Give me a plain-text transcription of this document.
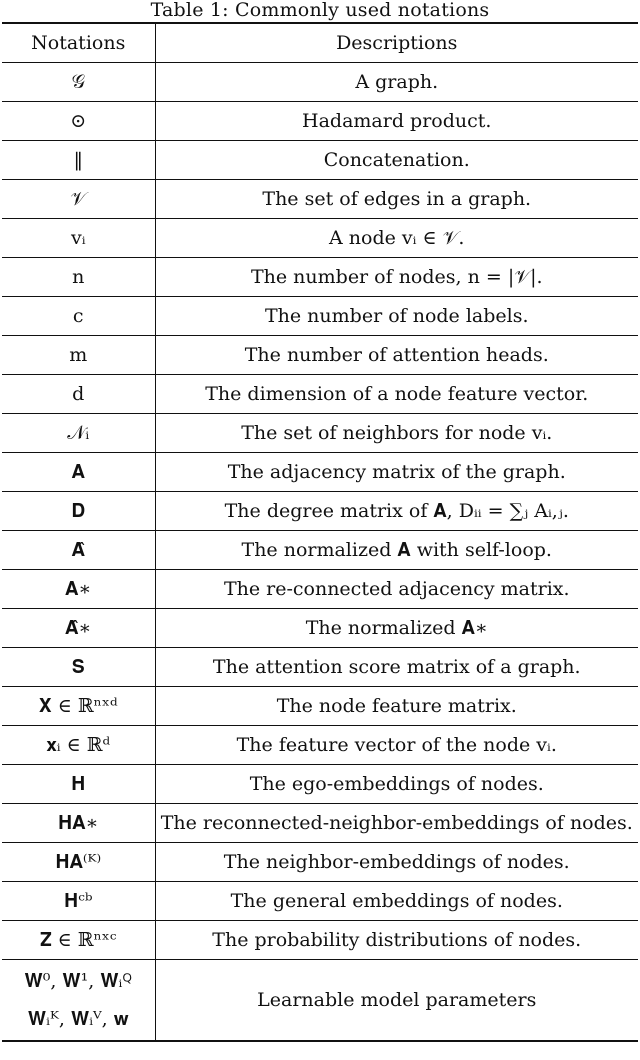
Table 1: Commonly used notations
Notations	Descriptions
𝒢	A graph.
⊙	Hadamard product.
‖	Concatenation.
𝒱	The set of edges in a graph.
vᵢ	A node vᵢ ∈ 𝒱.
n	The number of nodes, n = |𝒱|.
c	The number of node labels.
m	The number of attention heads.
d	The dimension of a node feature vector.
𝒩ᵢ	The set of neighbors for node vᵢ.
𝐀	The adjacency matrix of the graph.
𝐃	The degree matrix of 𝐀, Dᵢᵢ = ∑ⱼ Aᵢ,ⱼ.
𝐀̂	The normalized 𝐀 with self-loop.
𝐀∗	The re-connected adjacency matrix.
𝐀̂∗	The normalized 𝐀∗
𝐒	The attention score matrix of a graph.
𝐗 ∈ ℝⁿˣᵈ	The node feature matrix.
𝐱ᵢ ∈ ℝᵈ	The feature vector of the node vᵢ.
𝐇	The ego-embeddings of nodes.
𝐇𝐀∗	The reconnected-neighbor-embeddings of nodes.
𝐇𝐀⁽ᴷ⁾	The neighbor-embeddings of nodes.
𝐇ᶜᵇ	The general embeddings of nodes.
𝐙 ∈ ℝⁿˣᶜ	The probability distributions of nodes.

𝐖⁰, 𝐖¹, 𝐖ᵢꟴ
𝐖ᵢᴷ, 𝐖ᵢⱽ, 𝐰	Learnable model parameters
